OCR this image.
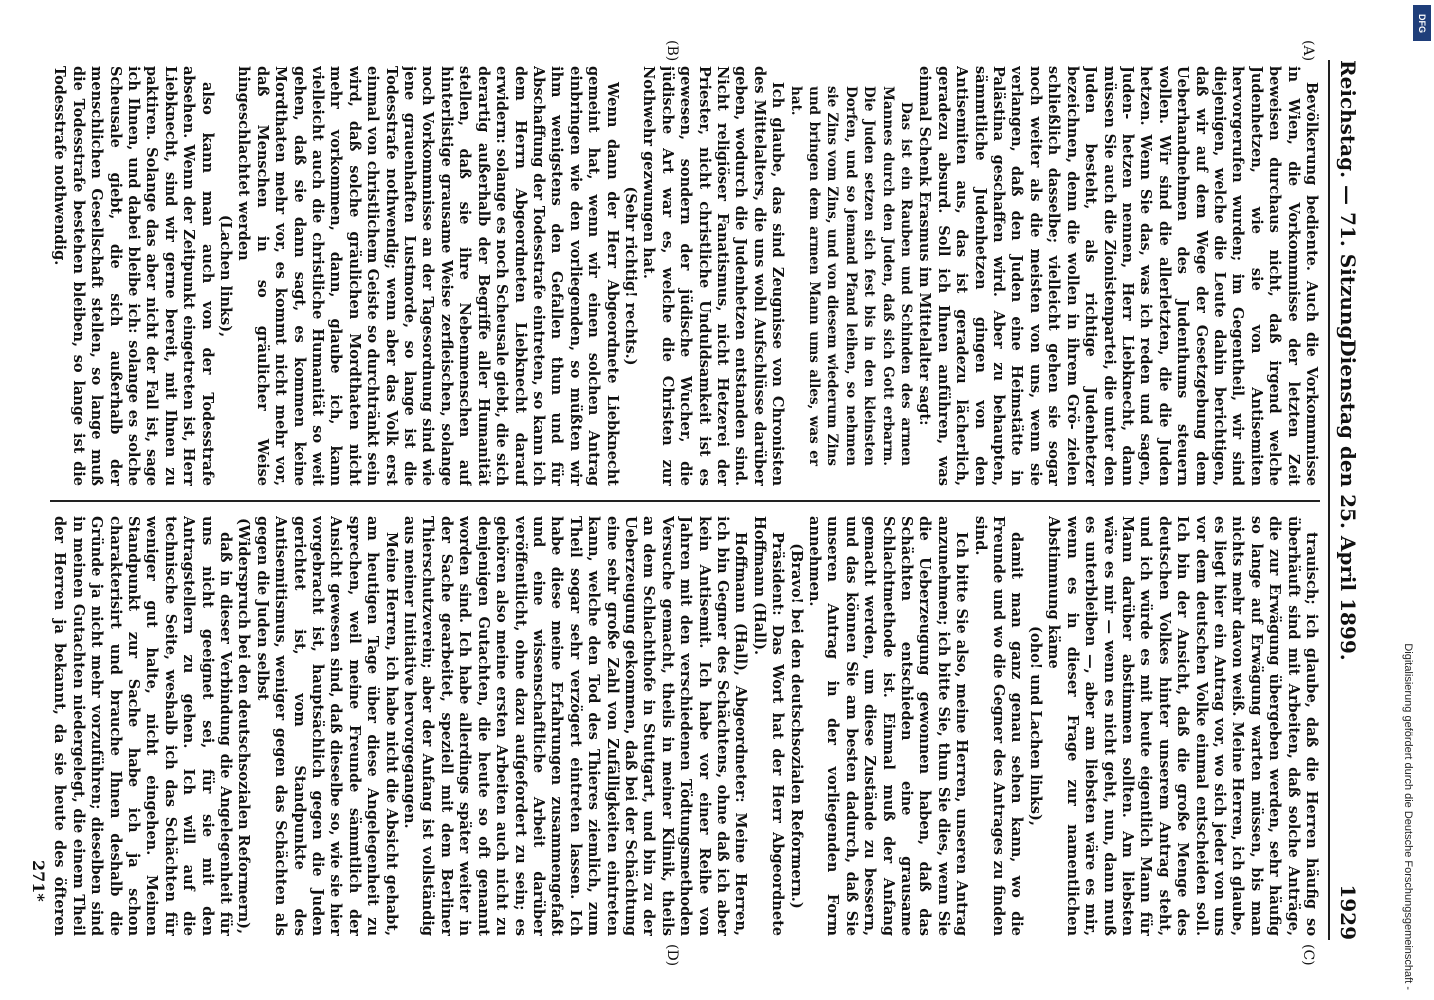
Reichstag. — 71. Sitzung.
Dienstag den 25. April 1899.
1929
(A)
(B)
(C)
(D)

Bevölkerung bediente. Auch die Vorkommnisse in Wien, die Vorkommnisse der letzten Zeit beweisen durchaus nicht, daß irgend welche Judenhetzen, wie sie von Antisemiten hervorgerufen wurden; im Gegentheil, wir sind diejenigen, welche die Leute dahin berichtigen, daß wir auf dem Wege der Gesetzgebung dem Ueberhandnehmen des Judenthums steuern wollen. Wir sind die allerletzten, die die Juden hetzen. Wenn Sie das, was ich reden und sagen, Juden- hetzen nennen, Herr Liebknecht, dann müssen Sie auch die Zionistenpartei, die unter den Juden besteht, als richtige Judenhetzer bezeichnen, denn die wollen in ihrem Grö- zielen schließlich dasselbe; vielleicht gehen sie sogar noch weiter als die meisten von uns, wenn sie verlangen, daß den Juden eine Heimstätte in Palästina geschaffen wird. Aber zu behaupten, sämmtliche Judenhetzen gingen von den Antisemiten aus, das ist geradezu lächerlich, geradezu absurd. Soll ich Ihnen anführen, was einmal Schenk Erasmus im Mittelalter sagt:

Das ist ein Rauben und Schinden des armen Mannes durch den Juden, daß sich Gott erbarm. Die Juden setzen sich fest bis in den kleinsten Dorfen, und so jemand Pfand leihen, so nehmen sie Zins vom Zins, und von diesem wiederum Zins und bringen dem armen Mann ums alles, was er hat.

Ich glaube, das sind Zeugnisse von Chronisten des Mittelalters, die uns wohl Aufschlüsse darüber geben, wodurch die Judenhetzen entstanden sind. Nicht religiöser Fanatismus, nicht Hetzerei der Priester, nicht christliche Unduldsamkeit ist es gewesen, sondern der jüdische Wucher, die jüdische Art war es, welche die Christen zur Nothwehr gezwungen hat.

(Sehr richtig! rechts.)

Wenn dann der Herr Abgeordnete Liebknecht gemeint hat, wenn wir einen solchen Antrag einbringen wie den vorliegenden, so müßten wir ihm wenigstens den Gefallen thun und für Abschaffung der Todesstrafe eintreten, so kann ich dem Herrn Abgeordneten Liebknecht darauf erwidern: solange es noch Scheusale giebt, die sich derartig außerhalb der Begriffe aller Humanität stellen, daß sie ihre Nebenmenschen auf hinterlistige grausame Weise zerfleischen, solange noch Vorkommnisse an der Tagesordnung sind wie jene grauenhaften Lustmorde, so lange ist die Todesstrafe nothwendig; wenn aber das Volk erst einmal von christlichem Geiste so durchtränkt sein wird, daß solche gräulichen Mordthaten nicht mehr vorkommen, dann, glaube ich, kann vielleicht auch die christliche Humanität so weit gehen, daß sie dann sagt, es kommen keine Mordthaten mehr vor, es kommt nicht mehr vor, daß Menschen in so gräulicher Weise hingeschlachtet werden

(Lachen links),

also kann man auch von der Todesstrafe absehen. Wenn der Zeitpunkt eingetreten ist, Herr Liebknecht, sind wir gerne bereit, mit Ihnen zu paktiren. Solange das aber nicht der Fall ist, sage ich Ihnen, und dabei bleibe ich: solange es solche Scheusale giebt, die sich außerhalb der menschlichen Gesellschaft stellen, so lange muß die Todesstrafe bestehen bleiben, so lange ist die Todesstrafe nothwendig.

trauisch; ich glaube, daß die Herren häufig so überhäuft sind mit Arbeiten, daß solche Anträge, die zur Erwägung übergeben werden, sehr häufig so lange auf Erwägung warten müssen, bis man nichts mehr davon weiß. Meine Herren, ich glaube, es liegt hier ein Antrag vor, wo sich jeder von uns vor dem deutschen Volke einmal entscheiden soll. Ich bin der Ansicht, daß die große Menge des deutschen Volkes hinter unserem Antrag steht, und ich würde es mit heute eigentlich Mann für Mann darüber abstimmen sollten. Am liebsten wäre es mir — wenn es nicht geht, nun, dann muß es unterbleiben —, aber am liebsten wäre es mir, wenn es in dieser Frage zur namentlichen Abstimmung käme

(oho! und Lachen links),

damit man ganz genau sehen kann, wo die Freunde und wo die Gegner des Antrages zu finden sind.

Ich bitte Sie also, meine Herren, unseren Antrag anzunehmen; ich bitte Sie, thun Sie dies, wenn Sie die Ueberzeugung gewonnen haben, daß das Schächten entschieden eine grausame Schlachtmethode ist. Einmal muß der Anfang gemacht werden, um diese Zustände zu bessern, und das können Sie am besten dadurch, daß Sie unseren Antrag in der vorliegenden Form annehmen.

(Bravo! bei den deutschsozialen Reformern.)

Präsident: Das Wort hat der Herr Abgeordnete Hoffmann (Hall).

Hoffmann (Hall), Abgeordneter: Meine Herren, ich bin Gegner des Schächtens, ohne daß ich aber kein Antisemit. Ich habe vor einer Reihe von Jahren mit den verschiedenen Tödtungsmethoden Versuche gemacht, theils in meiner Klinik, theils an dem Schlachthofe in Stuttgart, und bin zu der Ueberzeugung gekommen, daß bei der Schächtung eine sehr große Zahl von Zufälligkeiten eintreten kann, welche den Tod des Thieres ziemlich, zum Theil sogar sehr verzögert eintreten lassen. Ich habe diese meine Erfahrungen zusammengefaßt und eine wissenschaftliche Arbeit darüber veröffentlicht, ohne dazu aufgefordert zu sein; es gehören also meine ersten Arbeiten auch nicht zu denjenigen Gutachten, die heute so oft genannt worden sind. Ich habe allerdings später weiter in der Sache gearbeitet, speziell mit dem Berliner Thierschutzverein; aber der Anfang ist vollständig aus meiner Initiative hervorgegangen.

Meine Herren, ich habe nicht die Absicht gehabt, am heutigen Tage über diese Angelegenheit zu sprechen, weil meine Freunde sämmtlich der Ansicht gewesen sind, daß dieselbe so, wie sie hier vorgebracht ist, hauptsächlich gegen die Juden gerichtet ist, vom Standpunkte des Antisemitismus, weniger gegen das Schächten als gegen die Juden selbst

(Widerspruch bei den deutschsozialen Reformern),

daß in dieser Verbindung die Angelegenheit für uns nicht geeignet sei, für sie mit den Antragstellern zu gehen. Ich will auf die technische Seite, weshalb ich das Schächten für weniger gut halte, nicht eingehen. Meinen Standpunkt zur Sache habe ich ja schon charakterisirt und brauche Ihnen deshalb die Gründe ja nicht mehr vorzuführen; dieselben sind in meinen Gutachten niedergelegt, die einem Theil der Herren ja bekannt, da sie heute des öfteren

271*
DFG
Digitalisierung gefördert durch die Deutsche Forschungsgemeinschaft -
